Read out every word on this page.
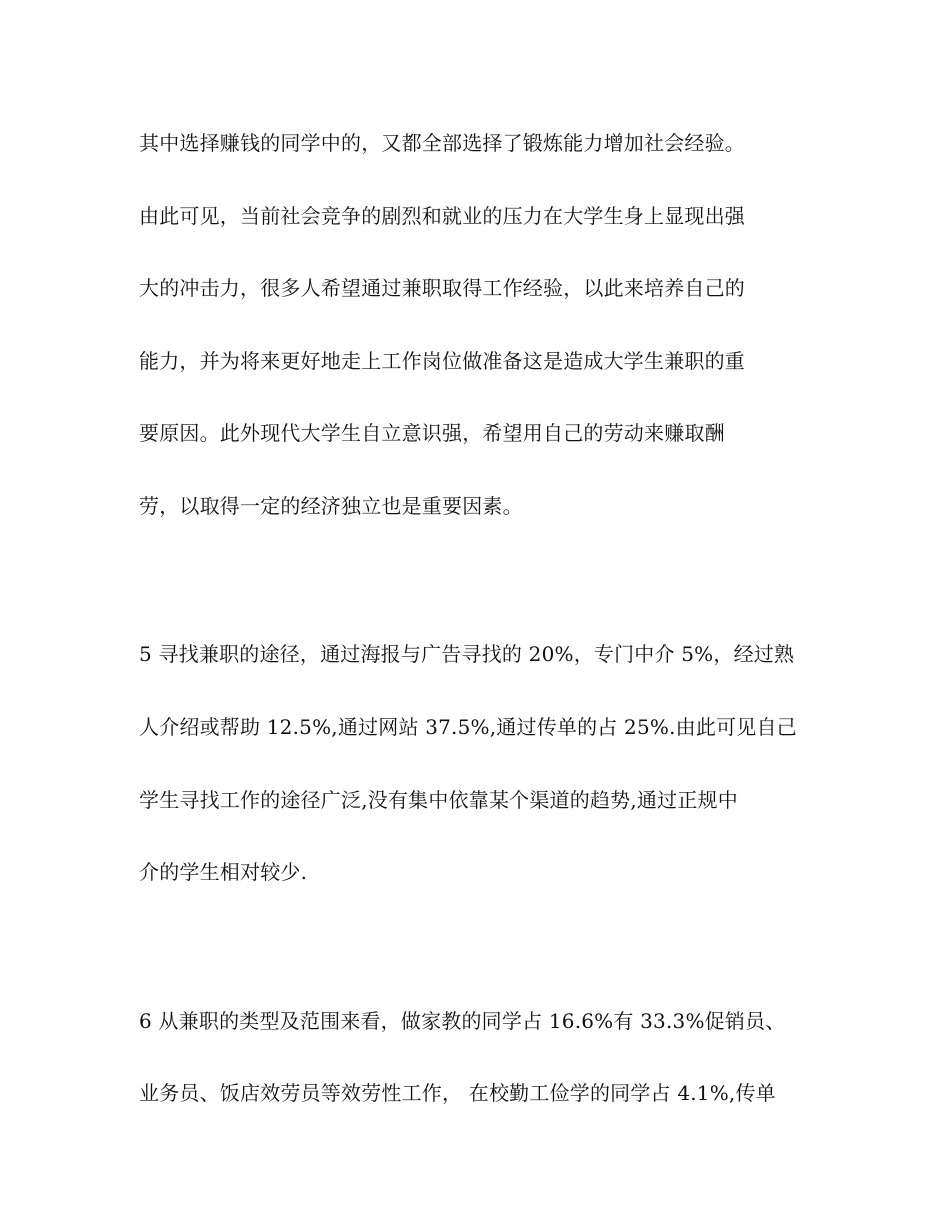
其中选择赚钱的同学中的，又都全部选择了锻炼能力增加社会经验。
由此可见，当前社会竞争的剧烈和就业的压力在大学生身上显现出强
大的冲击力，很多人希望通过兼职取得工作经验，以此来培养自己的
能力，并为将来更好地走上工作岗位做准备这是造成大学生兼职的重
要原因。此外现代大学生自立意识强，希望用自己的劳动来赚取酬
劳，以取得一定的经济独立也是重要因素。
5 寻找兼职的途径，通过海报与广告寻找的 20%，专门中介 5%，经过熟
人介绍或帮助 12.5%,通过网站 37.5%,通过传单的占 25%.由此可见自己
学生寻找工作的途径广泛,没有集中依靠某个渠道的趋势,通过正规中
介的学生相对较少.
6 从兼职的类型及范围来看，做家教的同学占 16.6%有 33.3%促销员、
业务员、饭店效劳员等效劳性工作， 在校勤工俭学的同学占 4.1%,传单
